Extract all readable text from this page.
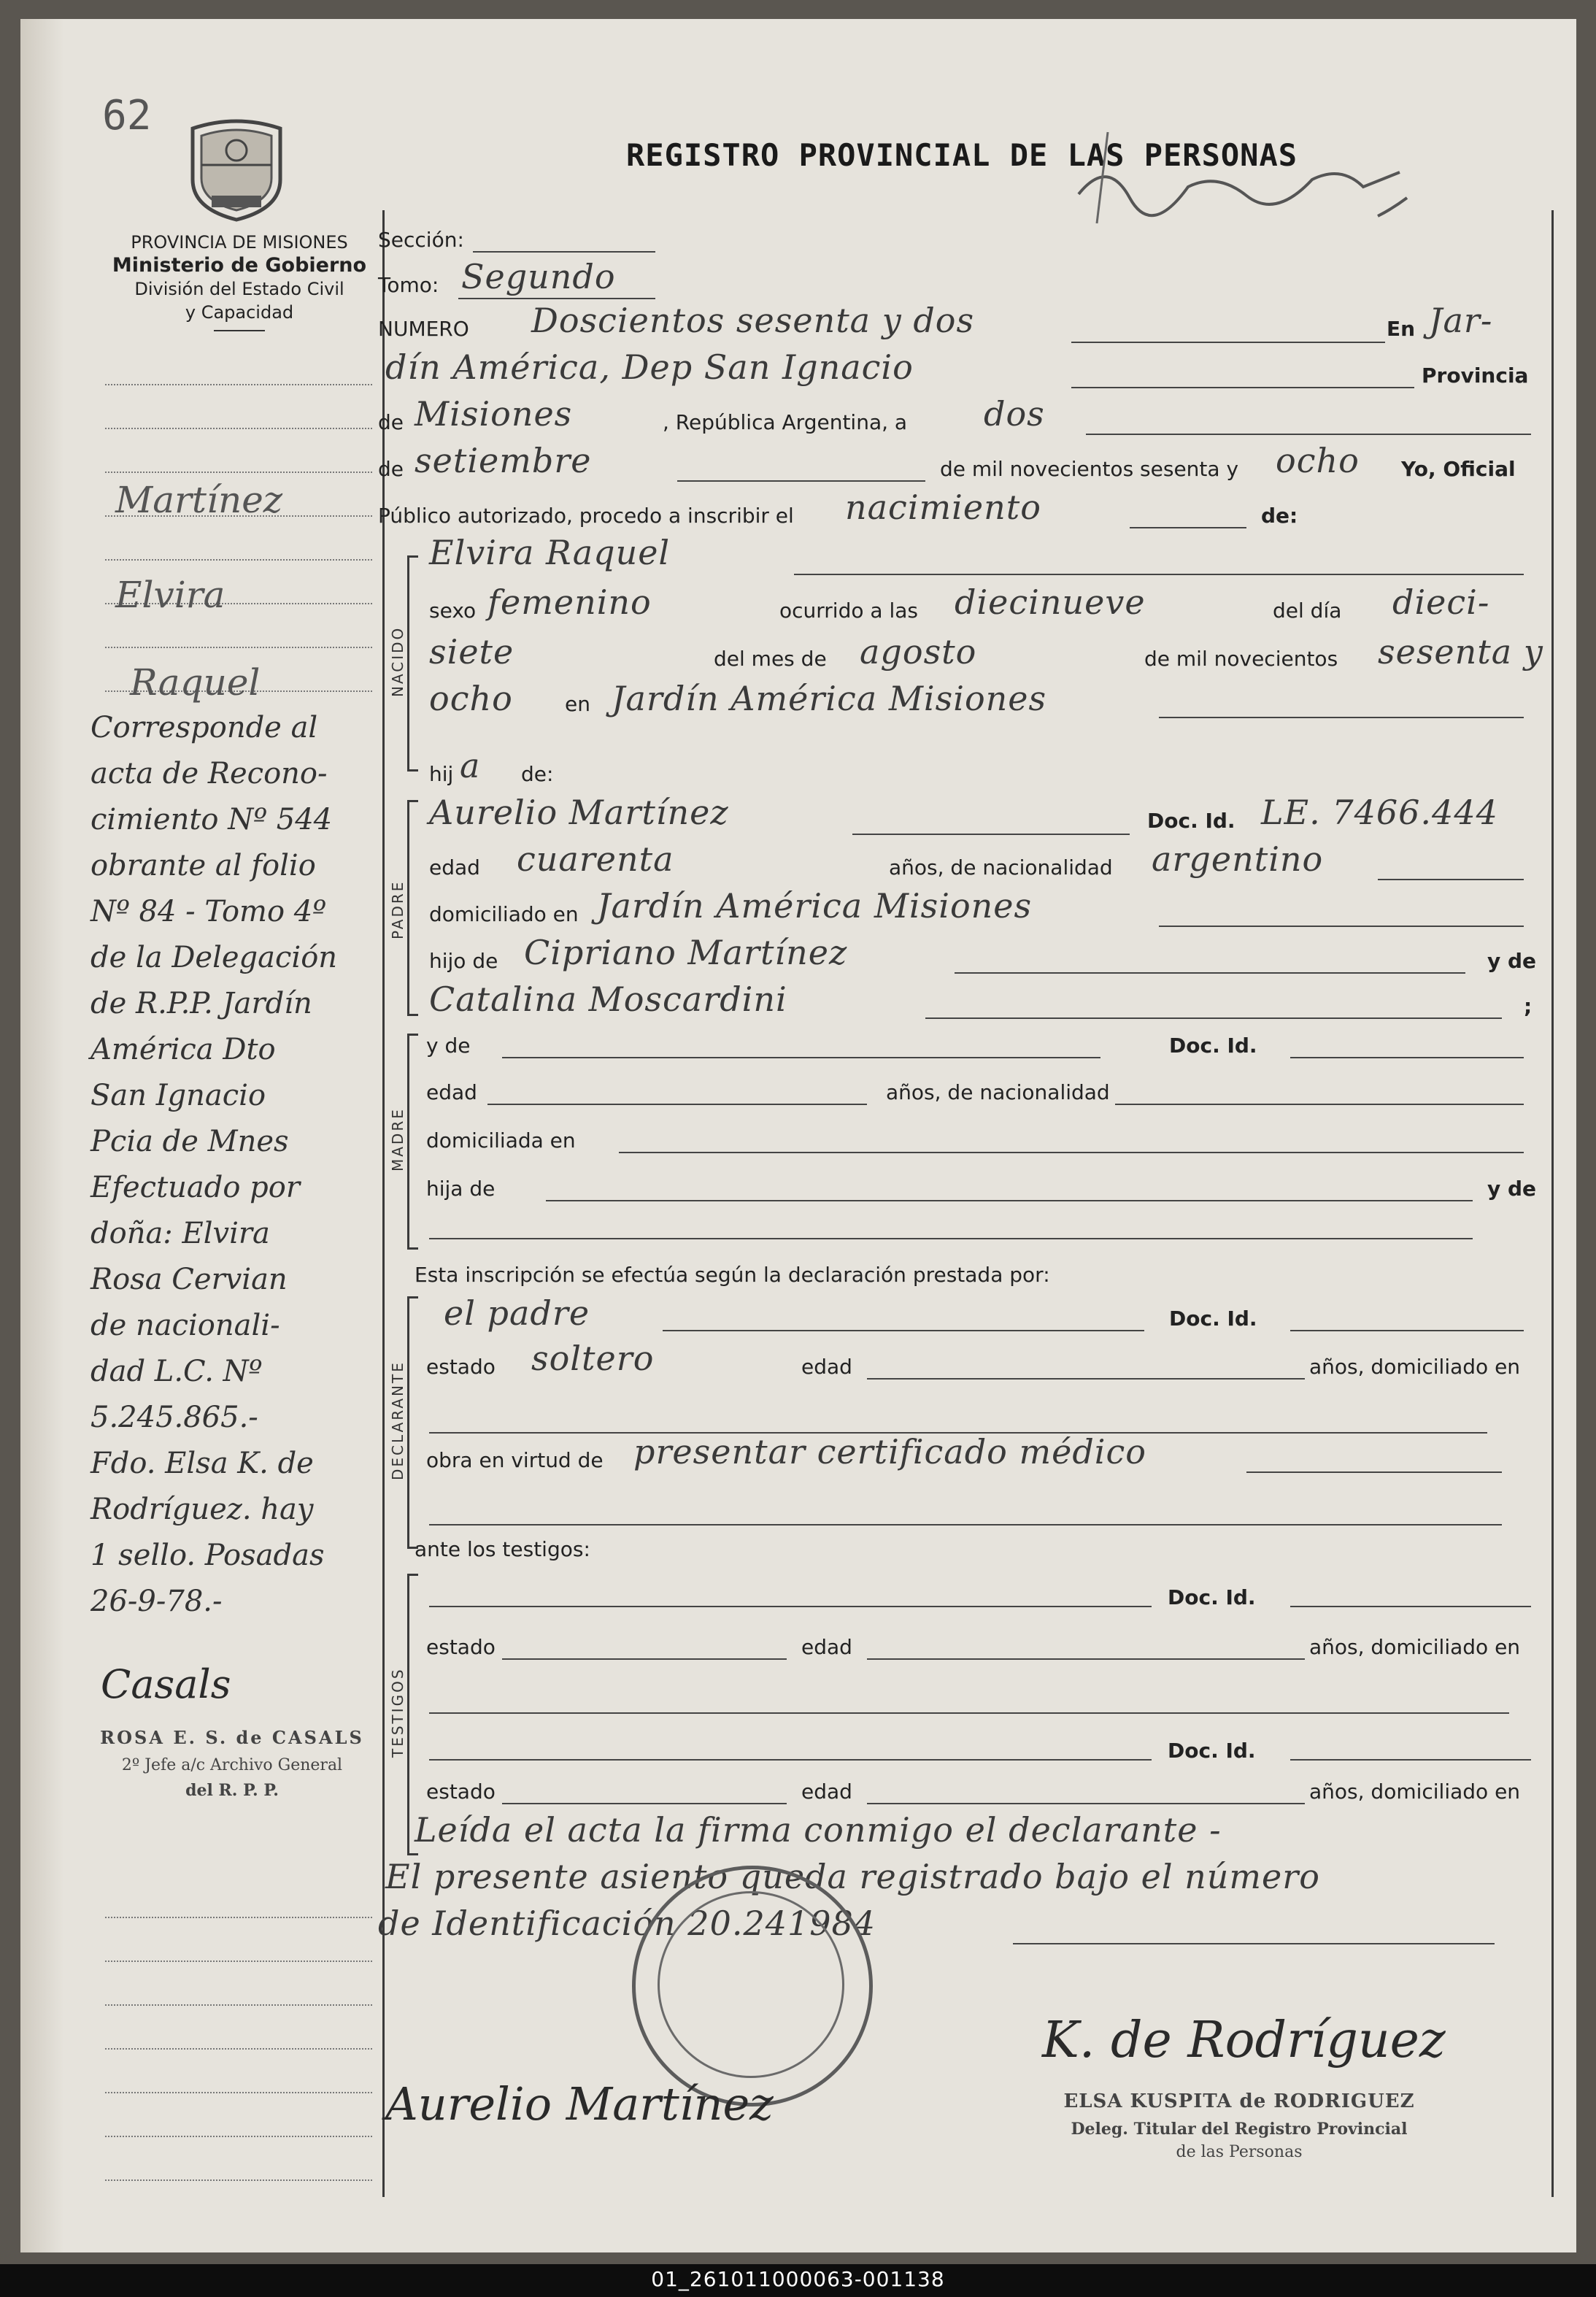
62
PROVINCIA DE MISIONES
Ministerio de Gobierno
División del Estado Civil
y Capacidad
REGISTRO PROVINCIAL DE LAS PERSONAS
Martínez
Elvira
Raquel
Corresponde al
acta de Recono-
cimiento Nº 544
obrante al folio
Nº 84 - Tomo 4º
de la Delegación
de R.P.P. Jardín
América Dto
San Ignacio
Pcia de Mnes
Efectuado por
doña: Elvira
Rosa Cervian
de nacionali-
dad L.C. Nº
5.245.865.-
Fdo. Elsa K. de
Rodríguez. hay
1 sello. Posadas
26-9-78.-
Casals
ROSA E. S. de CASALS
2º Jefe a/c Archivo General
del R. P. P.
Sección:
Tomo: Segundo
NUMERO Doscientos sesenta y dos	En Jar-
dín América, Dep San Ignacio	Provincia
de Misiones	, República Argentina, a dos
de setiembre	de mil novecientos sesenta y ocho Yo, Oficial
Público autorizado, procedo a inscribir el nacimiento	de:
NACIDO
Elvira Raquel
sexo femenino	ocurrido a las diecinueve	del día dieci-
siete	del mes de agosto	de mil novecientos sesenta y
ocho	en Jardín América Misiones
hij a de:
PADRE
Aurelio Martínez	Doc. Id. LE. 7466.444
edad cuarenta	años, de nacionalidad argentino
domiciliado en Jardín América Misiones
hijo de Cipriano Martínez	y de
Catalina Moscardini	;
MADRE
y de	Doc. Id.
edad	años, de nacionalidad
domiciliada en
hija de	y de
Esta inscripción se efectúa según la declaración prestada por:
DECLARANTE
el padre	Doc. Id.
estado soltero	edad	años, domiciliado en
obra en virtud de presentar certificado médico
ante los testigos:
TESTIGOS
Doc. Id.
estado	edad	años, domiciliado en
Doc. Id.
estado	edad	años, domiciliado en
Leída el acta la firma conmigo el declarante -
El presente asiento queda registrado bajo el número
de Identificación 20.241984
Aurelio Martínez
K. de Rodríguez
ELSA KUSPITA de RODRIGUEZ
Deleg. Titular del Registro Provincial
de las Personas
01_261011000063-001138
